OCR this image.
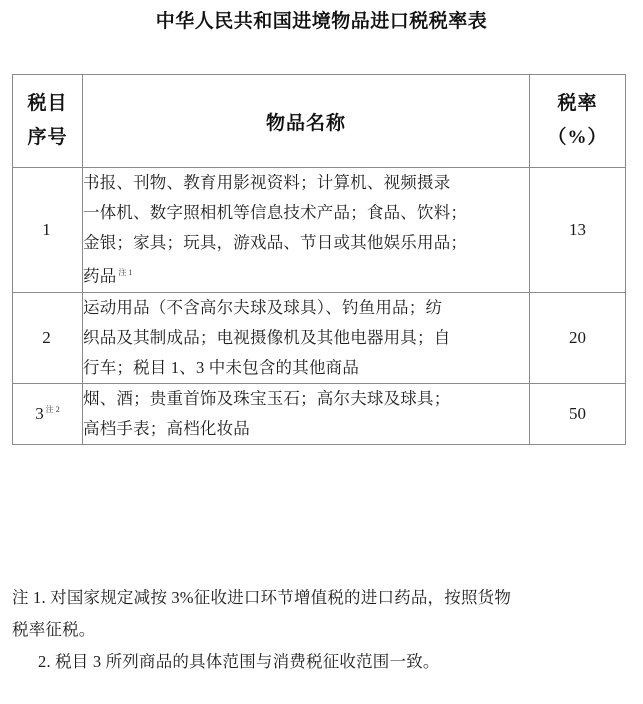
中华人民共和国进境物品进口税税率表
税目
序号	物品名称	税率
（%）

1	书报、刊物、教育用影视资料；计算机、视频摄录
一体机、数字照相机等信息技术产品；食品、饮料；
金银；家具；玩具，游戏品、节日或其他娱乐用品；
药品 $^{注 1}$	13
2	运动用品（不含高尔夫球及球具）、钓鱼用品；纺
织品及其制成品；电视摄像机及其他电器用具；自
行车；税目 1、3 中未包含的其他商品	20
3 $^{注 2}$	烟、酒；贵重首饰及珠宝玉石；高尔夫球及球具；
高档手表；高档化妆品	50
注 1. 对国家规定减按 3%征收进口环节增值税的进口药品，按照货物
税率征税。
2. 税目 3 所列商品的具体范围与消费税征收范围一致。
